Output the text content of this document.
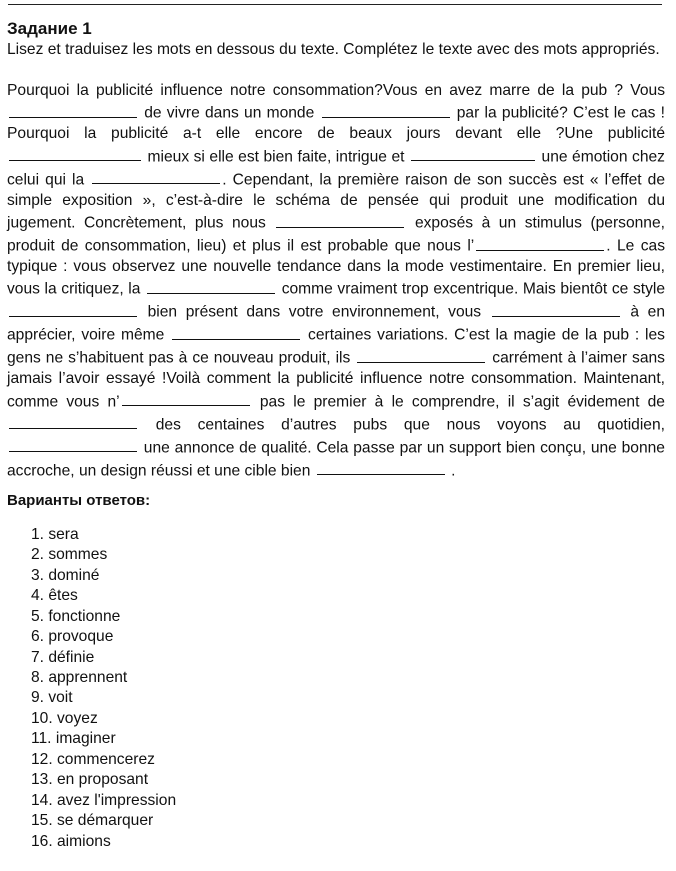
Задание 1

Lisez et traduisez les mots en dessous du texte. Complétez le texte avec des mots appropriés.

Pourquoi la publicité influence notre consommation?Vous en avez marre de la pub ? Vous  de vivre dans un monde	par la publicité? C’est le cas ! Pourquoi la publicité a-t elle encore de beaux jours devant elle ?Une publicité  mieux si elle est bien faite, intrigue et	une émotion chez celui qui la	. Cependant, la première raison de son succès est « l’effet de simple exposition », c’est-à-dire le schéma de pensée qui produit une modification du jugement. Concrètement, plus nous	exposés à un stimulus (personne, produit de consommation, lieu) et plus il est probable que nous l’	. Le cas typique : vous observez une nouvelle tendance dans la mode vestimentaire. En premier lieu, vous la critiquez, la	comme vraiment trop excentrique. Mais bientôt ce style  bien présent dans votre environnement, vous	à en apprécier, voire même	certaines variations. C’est la magie de la pub : les gens ne s’habituent pas à ce nouveau produit, ils	carrément à l’aimer sans jamais l’avoir essayé !Voilà comment la publicité influence notre consommation. Maintenant, comme vous n’	pas le premier à le comprendre, il s’agit évidement de  des centaines d’autres pubs que nous voyons au quotidien,  une annonce de qualité. Cela passe par un support bien conçu, une bonne accroche, un design réussi et une cible bien	.

Варианты ответов:
1. sera
2. sommes
3. dominé
4. êtes
5. fonctionne
6. provoque
7. définie
8. apprennent
9. voit
10. voyez
11. imaginer
12. commencerez
13. en proposant
14. avez l'impression
15. se démarquer
16. aimions
